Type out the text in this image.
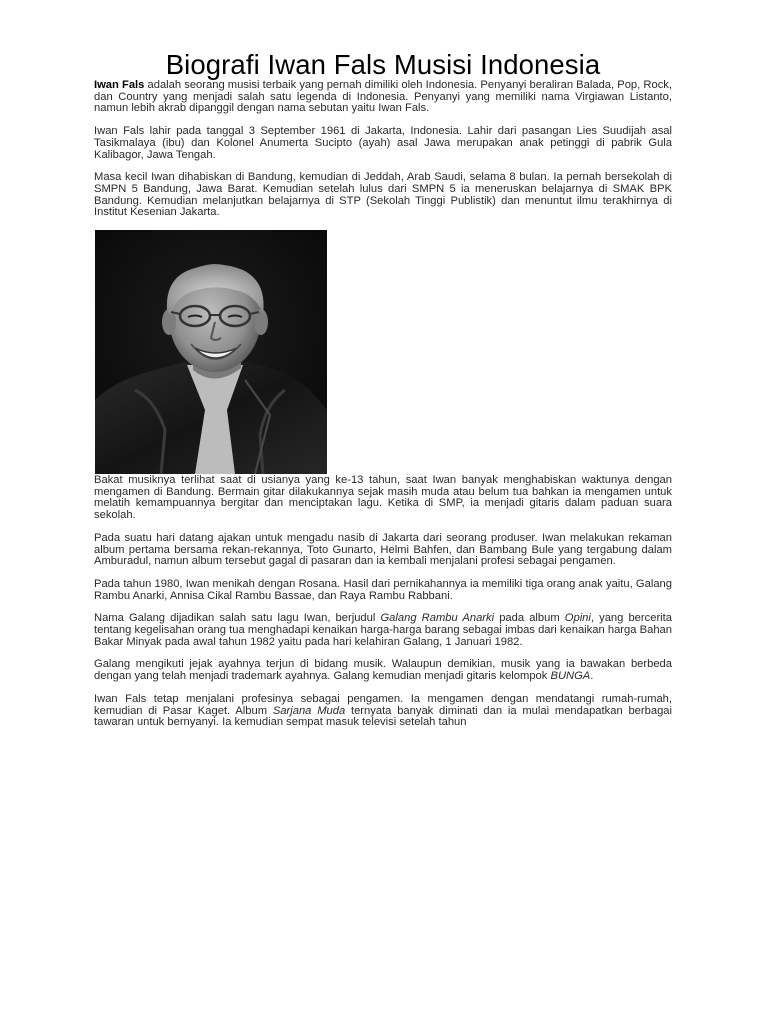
Biografi Iwan Fals Musisi Indonesia

Iwan Fals adalah seorang musisi terbaik yang pernah dimiliki oleh Indonesia. Penyanyi beraliran Balada, Pop, Rock, dan Country yang menjadi salah satu legenda di Indonesia. Penyanyi yang memiliki nama Virgiawan Listanto, namun lebih akrab dipanggil dengan nama sebutan yaitu Iwan Fals.

Iwan Fals lahir pada tanggal 3 September 1961 di Jakarta, Indonesia. Lahir dari pasangan Lies Suudijah asal Tasikmalaya (ibu) dan Kolonel Anumerta Sucipto (ayah) asal Jawa merupakan anak petinggi di pabrik Gula Kalibagor, Jawa Tengah.

Masa kecil Iwan dihabiskan di Bandung, kemudian di Jeddah, Arab Saudi, selama 8 bulan. Ia pernah bersekolah di SMPN 5 Bandung, Jawa Barat. Kemudian setelah lulus dari SMPN 5 ia meneruskan belajarnya di SMAK BPK Bandung. Kemudian melanjutkan belajarnya di STP (Sekolah Tinggi Publistik) dan menuntut ilmu terakhirnya di Institut Kesenian Jakarta.

Bakat musiknya terlihat saat di usianya yang ke-13 tahun, saat Iwan banyak menghabiskan waktunya dengan mengamen di Bandung. Bermain gitar dilakukannya sejak masih muda atau belum tua bahkan ia mengamen untuk melatih kemampuannya bergitar dan menciptakan lagu. Ketika di SMP, ia menjadi gitaris dalam paduan suara sekolah.

Pada suatu hari datang ajakan untuk mengadu nasib di Jakarta dari seorang produser. Iwan melakukan rekaman album pertama bersama rekan-rekannya, Toto Gunarto, Helmi Bahfen, dan Bambang Bule yang tergabung dalam Amburadul, namun album tersebut gagal di pasaran dan ia kembali menjalani profesi sebagai pengamen.

Pada tahun 1980, Iwan menikah dengan Rosana. Hasil dari pernikahannya ia memiliki tiga orang anak yaitu, Galang Rambu Anarki, Annisa Cikal Rambu Bassae, dan Raya Rambu Rabbani.

Nama Galang dijadikan salah satu lagu Iwan, berjudul Galang Rambu Anarki pada album Opini, yang bercerita tentang kegelisahan orang tua menghadapi kenaikan harga-harga barang sebagai imbas dari kenaikan harga Bahan Bakar Minyak pada awal tahun 1982 yaitu pada hari kelahiran Galang, 1 Januari 1982.

Galang mengikuti jejak ayahnya terjun di bidang musik. Walaupun demikian, musik yang ia bawakan berbeda dengan yang telah menjadi trademark ayahnya. Galang kemudian menjadi gitaris kelompok BUNGA.

Iwan Fals tetap menjalani profesinya sebagai pengamen. Ia mengamen dengan mendatangi rumah-rumah, kemudian di Pasar Kaget. Album Sarjana Muda ternyata banyak diminati dan ia mulai mendapatkan berbagai tawaran untuk bernyanyi. Ia kemudian sempat masuk televisi setelah tahun
